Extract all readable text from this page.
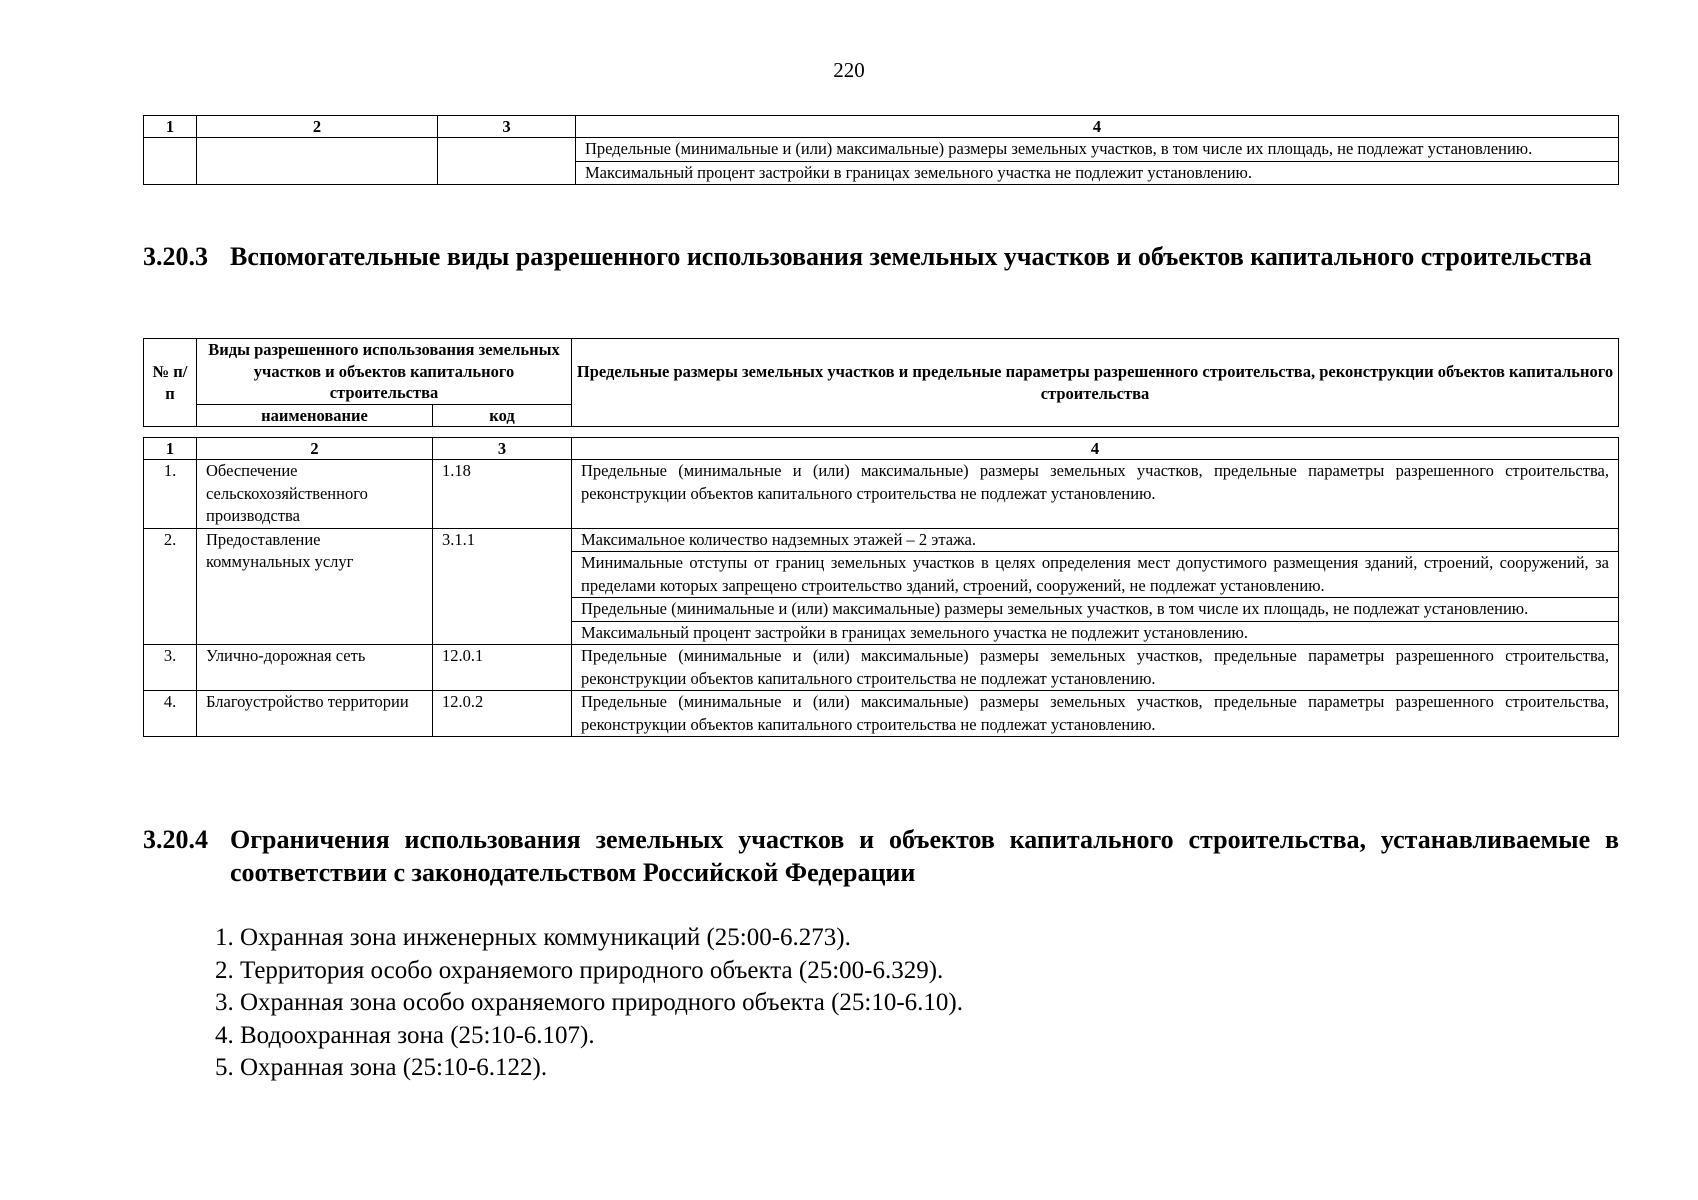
220
1	2	3	4
			Предельные (минимальные и (или) максимальные) размеры земельных участков, в том числе их площадь, не подлежат установлению.
			Максимальный процент застройки в границах земельного участка не подлежит установлению.
3.20.3 Вспомогательные виды разрешенного использования земельных участков и объектов капитального строительства
№ п/п	Виды разрешенного использования земельных участков и объектов капитального строительства		Предельные размеры земельных участков и предельные параметры разрешенного строительства, реконструкции объектов капитального строительства
	наименование	код	
1	2	3	4
1.	Обеспечение сельскохозяйственного производства	1.18	Предельные (минимальные и (или) максимальные) размеры земельных участков, предельные параметры разрешенного строительства, реконструкции объектов капитального строительства не подлежат установлению.
2.	Предоставление коммунальных услуг	3.1.1	Максимальное количество надземных этажей – 2 этажа.
			Минимальные отступы от границ земельных участков в целях определения мест допустимого размещения зданий, строений, сооружений, за пределами которых запрещено строительство зданий, строений, сооружений, не подлежат установлению.
			Предельные (минимальные и (или) максимальные) размеры земельных участков, в том числе их площадь, не подлежат установлению.
			Максимальный процент застройки в границах земельного участка не подлежит установлению.
3.	Улично-дорожная сеть	12.0.1	Предельные (минимальные и (или) максимальные) размеры земельных участков, предельные параметры разрешенного строительства, реконструкции объектов капитального строительства не подлежат установлению.
4.	Благоустройство территории	12.0.2	Предельные (минимальные и (или) максимальные) размеры земельных участков, предельные параметры разрешенного строительства, реконструкции объектов капитального строительства не подлежат установлению.
3.20.4 Ограничения использования земельных участков и объектов капитального строительства, устанавливаемые в соответствии с законодательством Российской Федерации
1. Охранная зона инженерных коммуникаций (25:00-6.273).
2. Территория особо охраняемого природного объекта (25:00-6.329).
3. Охранная зона особо охраняемого природного объекта (25:10-6.10).
4. Водоохранная зона (25:10-6.107).
5. Охранная зона (25:10-6.122).
